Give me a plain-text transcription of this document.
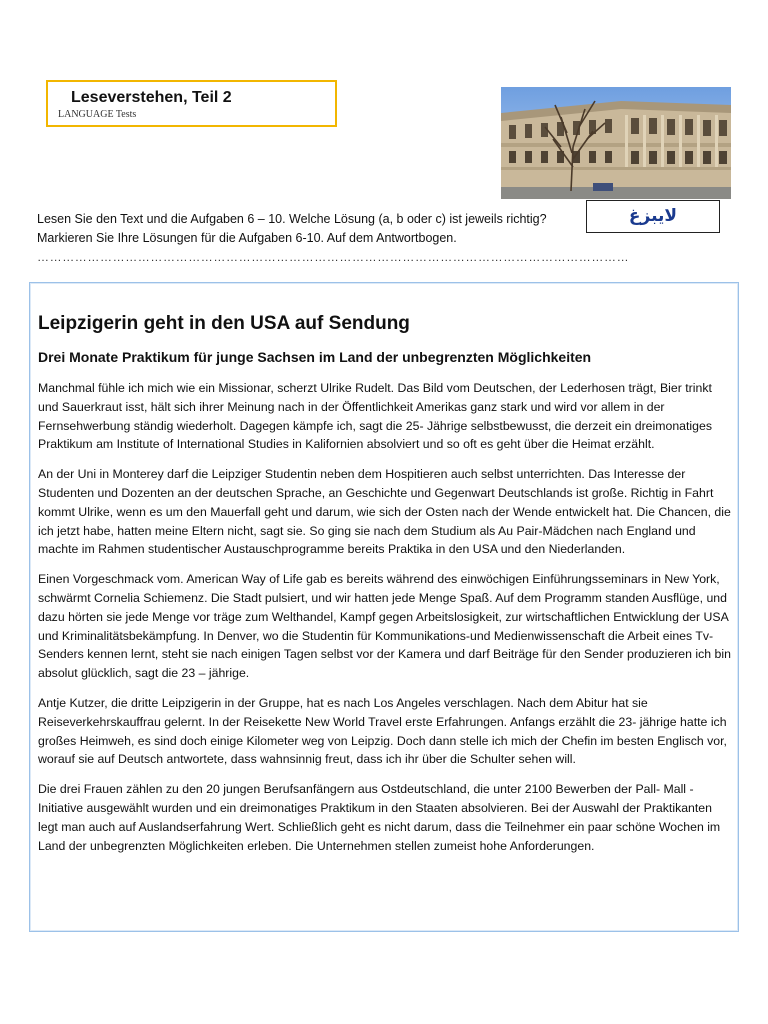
Leseverstehen, Teil 2
LANGUAGE Tests
لايبزغ
Lesen Sie den Text und die Aufgaben 6 – 10. Welche Lösung (a, b oder c) ist jeweils richtig?
Markieren Sie Ihre Lösungen für die Aufgaben 6-10. Auf dem Antwortbogen.
……………………………………………………………………………………………………………………………
Leipzigerin geht in den USA auf Sendung
Drei Monate Praktikum für junge Sachsen im Land der unbegrenzten Möglichkeiten

Manchmal fühle ich mich wie ein Missionar, scherzt Ulrike Rudelt. Das Bild vom Deutschen, der Lederhosen trägt, Bier trinkt und Sauerkraut isst, hält sich ihrer Meinung nach in der Öffentlichkeit Amerikas ganz stark und wird vor allem in der Fernsehwerbung ständig wiederholt. Dagegen kämpfe ich, sagt die 25- Jährige selbstbewusst, die derzeit ein dreimonatiges Praktikum am Institute of International Studies in Kalifornien absolviert und so oft es geht über die Heimat erzählt.

An der Uni in Monterey darf die Leipziger Studentin neben dem Hospitieren auch selbst unterrichten. Das Interesse der Studenten und Dozenten an der deutschen Sprache, an Geschichte und Gegenwart Deutschlands ist große. Richtig in Fahrt kommt Ulrike, wenn es um den Mauerfall geht und darum, wie sich der Osten nach der Wende entwickelt hat. Die Chancen, die ich jetzt habe, hatten meine Eltern nicht, sagt sie. So ging sie nach dem Studium als Au Pair-Mädchen nach England und machte im Rahmen studentischer Austauschprogramme bereits Praktika in den USA und den Niederlanden.

Einen Vorgeschmack vom. American Way of Life gab es bereits während des einwöchigen Einführungsseminars in New York, schwärmt Cornelia Schiemenz. Die Stadt pulsiert, und wir hatten jede Menge Spaß. Auf dem Programm standen Ausflüge, und dazu hörten sie jede Menge vor träge zum Welthandel, Kampf gegen Arbeitslosigkeit, zur wirtschaftlichen Entwicklung der USA und Kriminalitätsbekämpfung. In Denver, wo die Studentin für Kommunikations-und Medienwissenschaft die Arbeit eines Tv- Senders kennen lernt, steht sie nach einigen Tagen selbst vor der Kamera und darf Beiträge für den Sender produzieren ich bin absolut glücklich, sagt die 23 – jährige.

Antje Kutzer, die dritte Leipzigerin in der Gruppe, hat es nach Los Angeles verschlagen. Nach dem Abitur hat sie Reiseverkehrskauffrau gelernt. In der Reisekette New World Travel erste Erfahrungen. Anfangs erzählt die 23- jährige hatte ich großes Heimweh, es sind doch einige Kilometer weg von Leipzig. Doch dann stelle ich mich der Chefin im besten Englisch vor, worauf sie auf Deutsch antwortete, dass wahnsinnig freut, dass ich ihr über die Schulter sehen will.

Die drei Frauen zählen zu den 20 jungen Berufsanfängern aus Ostdeutschland, die unter 2100 Bewerben der Pall- Mall -Initiative ausgewählt wurden und ein dreimonatiges Praktikum in den Staaten absolvieren. Bei der Auswahl der Praktikanten legt man auch auf Auslandserfahrung Wert. Schließlich geht es nicht darum, dass die Teilnehmer ein paar schöne Wochen im Land der unbegrenzten Möglichkeiten erleben. Die Unternehmen stellen zumeist hohe Anforderungen.
